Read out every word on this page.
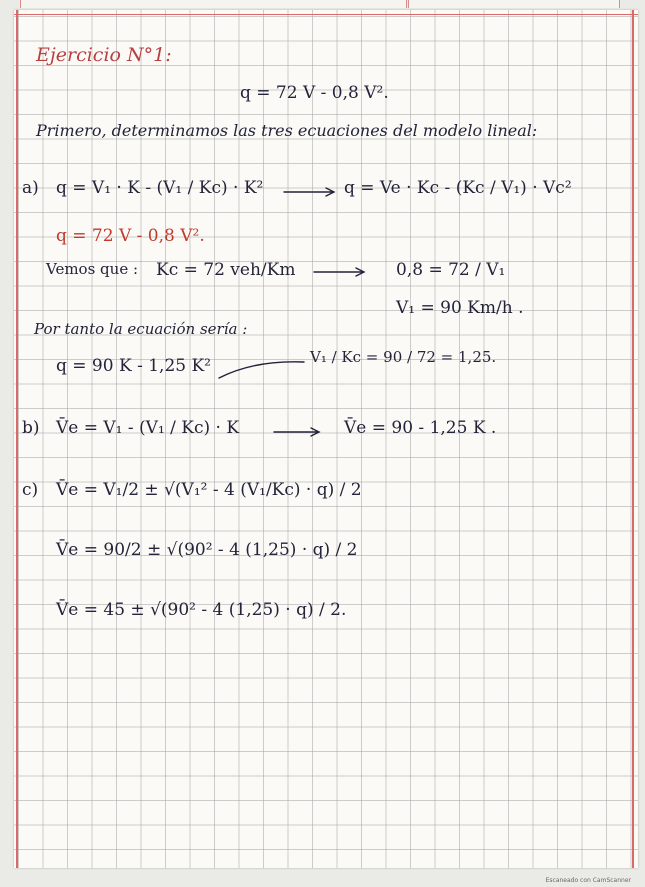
Ejercicio N°1:
q = 72 V - 0,8 V².
Primero, determinamos las tres ecuaciones del modelo lineal:
a) q = V₁ · K - (V₁ / Kc) · K²	q = Ve · Kc - (Kc / V₁) · Vc²
q = 72 V - 0,8 V².
Vemos que : Kc = 72 veh/Km	0,8 = 72 / V₁
V₁ = 90 Km/h .
Por tanto la ecuación sería :
q = 90 K - 1,25 K²	V₁ / Kc = 90 / 72 = 1,25.
b) V̄e = V₁ - (V₁ / Kc) · K	V̄e = 90 - 1,25 K .
c) V̄e = V₁/2 ± √(V₁² - 4 (V₁/Kc) · q) / 2
V̄e = 90/2 ± √(90² - 4 (1,25) · q) / 2
V̄e = 45 ± √(90² - 4 (1,25) · q) / 2.
Escaneado con CamScanner
